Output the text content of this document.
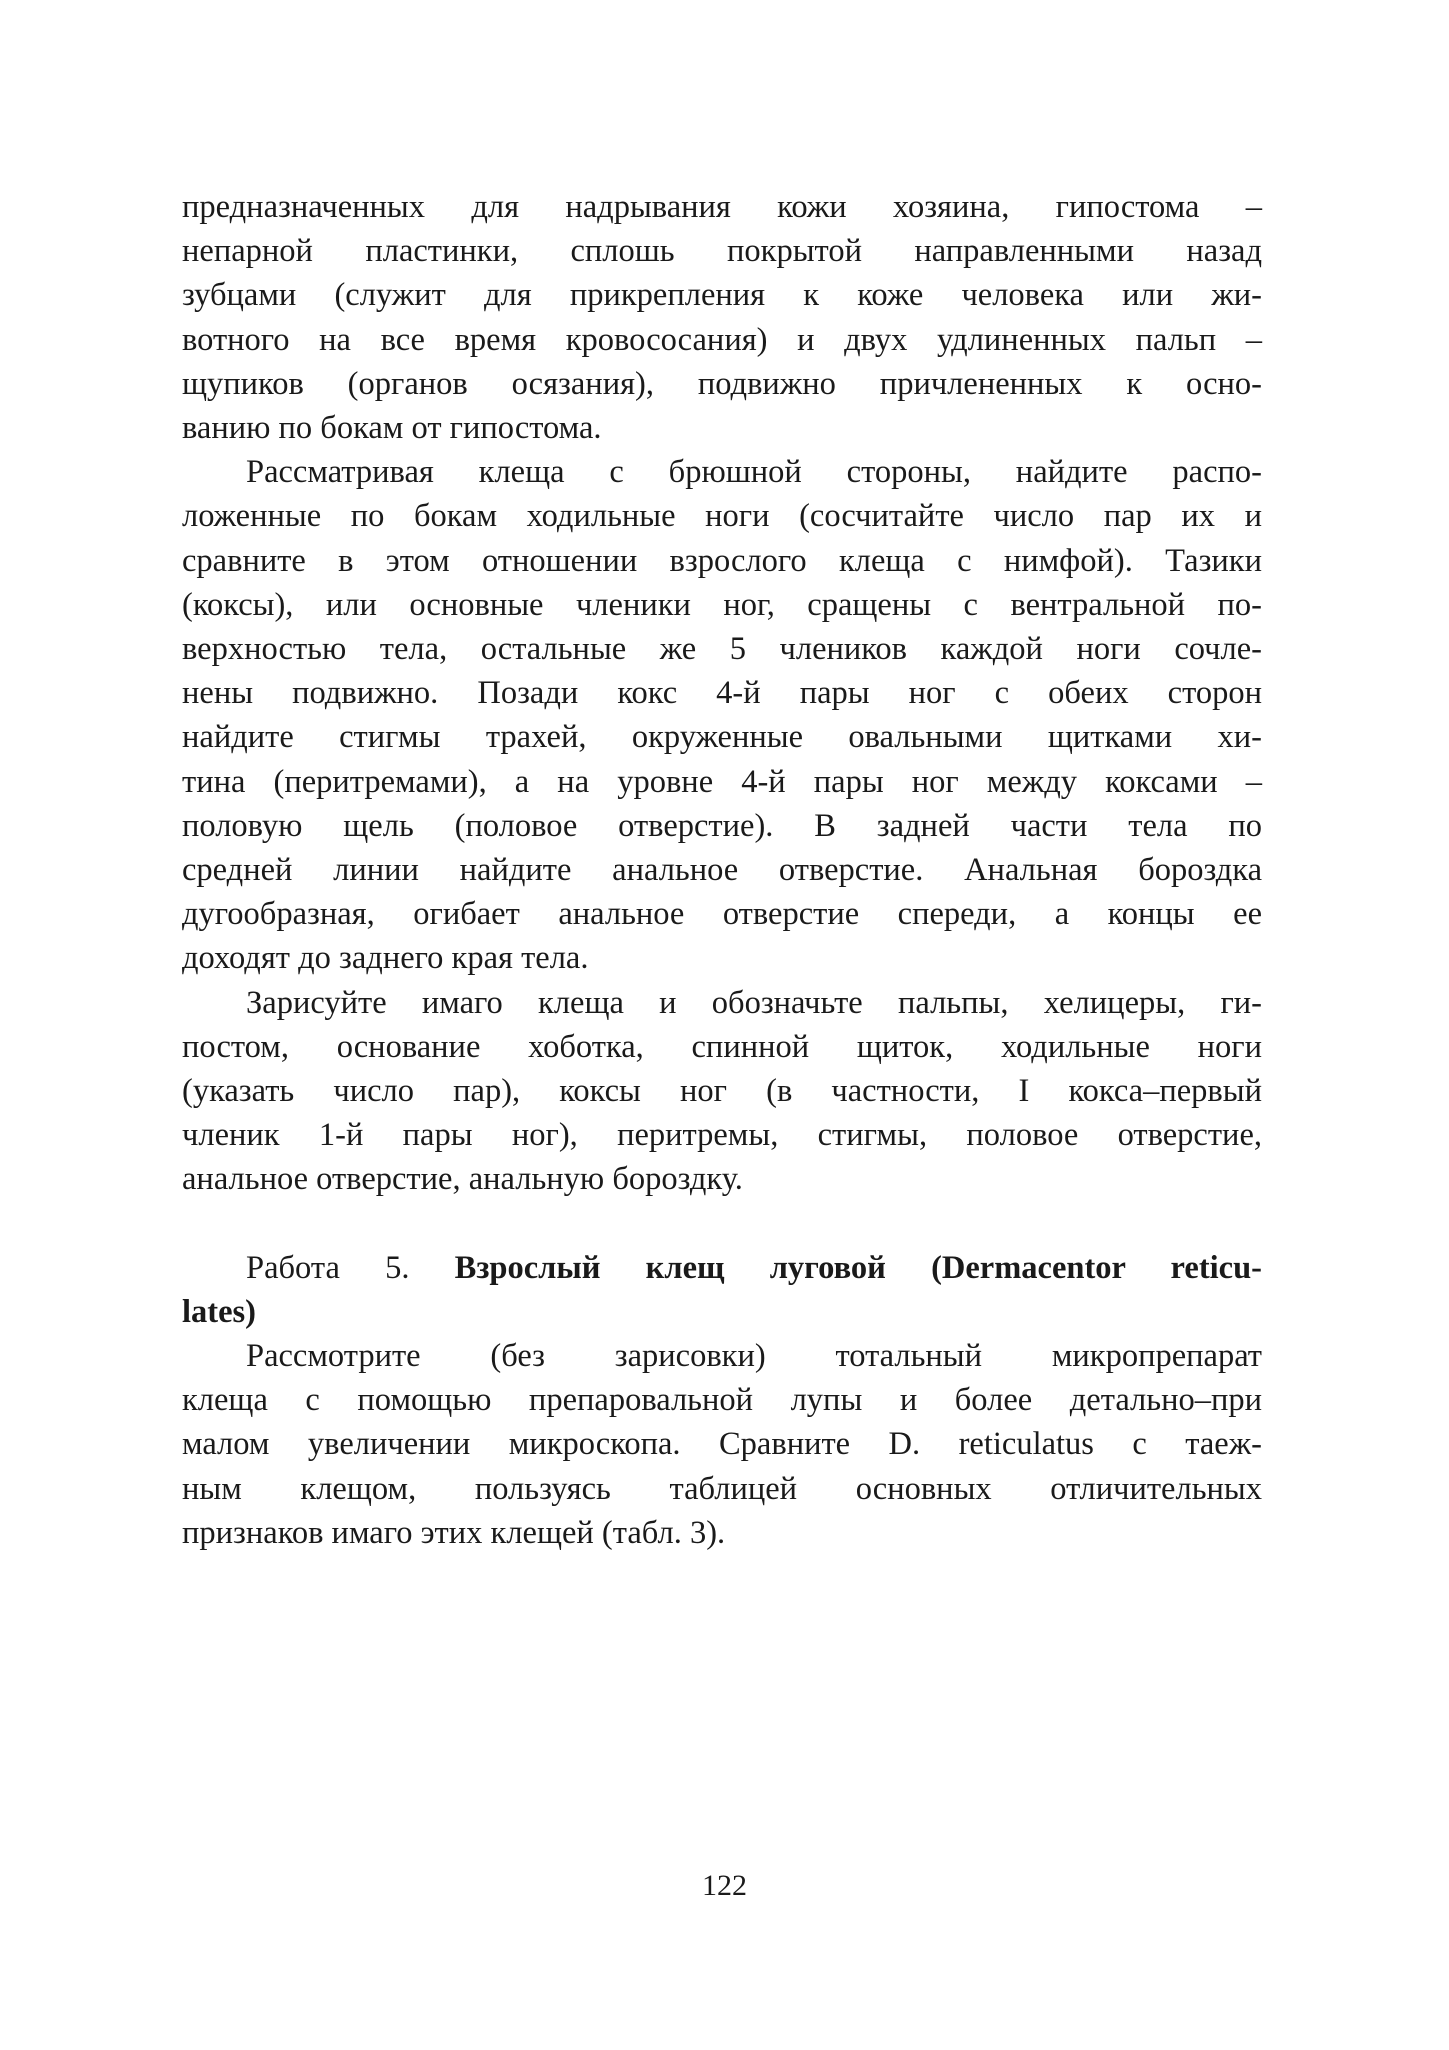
предназначенных для надрывания кожи хозяина, гипостома –
непарной пластинки, сплошь покрытой направленными назад
зубцами (служит для прикрепления к коже человека или жи-
вотного на все время кровососания) и двух удлиненных пальп –
щупиков (органов осязания), подвижно причлененных к осно-
ванию по бокам от гипостома.

Рассматривая клеща с брюшной стороны, найдите распо-
ложенные по бокам ходильные ноги (сосчитайте число пар их и
сравните в этом отношении взрослого клеща с нимфой). Тазики
(коксы), или основные членики ног, сращены с вентральной по-
верхностью тела, остальные же 5 члеников каждой ноги сочле-
нены подвижно. Позади кокс 4-й пары ног с обеих сторон
найдите стигмы трахей, окруженные овальными щитками хи-
тина (перитремами), а на уровне 4-й пары ног между коксами –
половую щель (половое отверстие). В задней части тела по
средней линии найдите анальное отверстие. Анальная бороздка
дугообразная, огибает анальное отверстие спереди, а концы ее
доходят до заднего края тела.

Зарисуйте имаго клеща и обозначьте пальпы, хелицеры, ги-
постом, основание хоботка, спинной щиток, ходильные ноги
(указать число пар), коксы ног (в частности, I кокса–первый
членик 1-й пары ног), перитремы, стигмы, половое отверстие,
анальное отверстие, анальную бороздку.

Работа 5. Взрослый клещ луговой (Dermacentor reticu-
lates)

Рассмотрите (без зарисовки) тотальный микропрепарат
клеща с помощью препаровальной лупы и более детально–при
малом увеличении микроскопа. Сравните D. reticulatus с таеж-
ным клещом, пользуясь таблицей основных отличительных
признаков имаго этих клещей (табл. 3).

122
